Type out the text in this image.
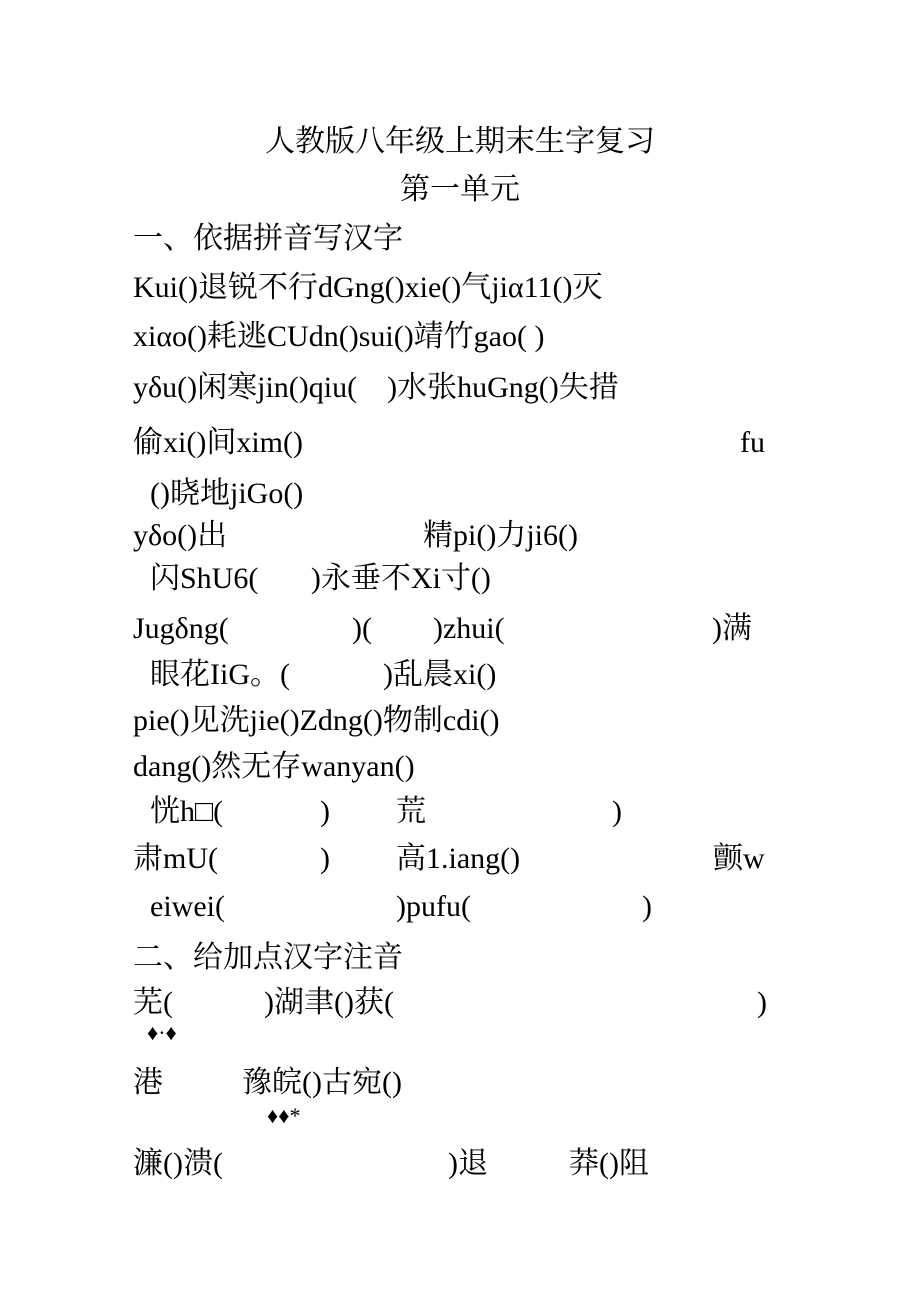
人教版八年级上期末生字复习
第一单元
一、依据拼音写汉字
Kui()退锐不行dGng()xie()气jiα11()灭
xiαo()耗逃CUdn()sui()靖竹gao( )
yδu()闲寒jin()qiu(    )水张huGng()失措
偷xi()间xim()	fu
()晓地jiGo()
yδo()出	精pi()力ji6()
闪ShU6(       )永垂不Xi寸()
Jugδng(	)( )zhui(	)满
眼花IiG。(	)乱晨xi()
pie()见洗jie()Zdng()物制cdi()
dang()然无存wanyan()
恍h□(	) 荒	)
肃mU(	) 高1.iang()	颤w
eiwei(	)pufu(	)
二、给加点汉字注音
芜(	)湖聿()获(	)
♦·♦
港	豫皖()古宛()
♦♦*
濂()溃(	)退	莽()阻
